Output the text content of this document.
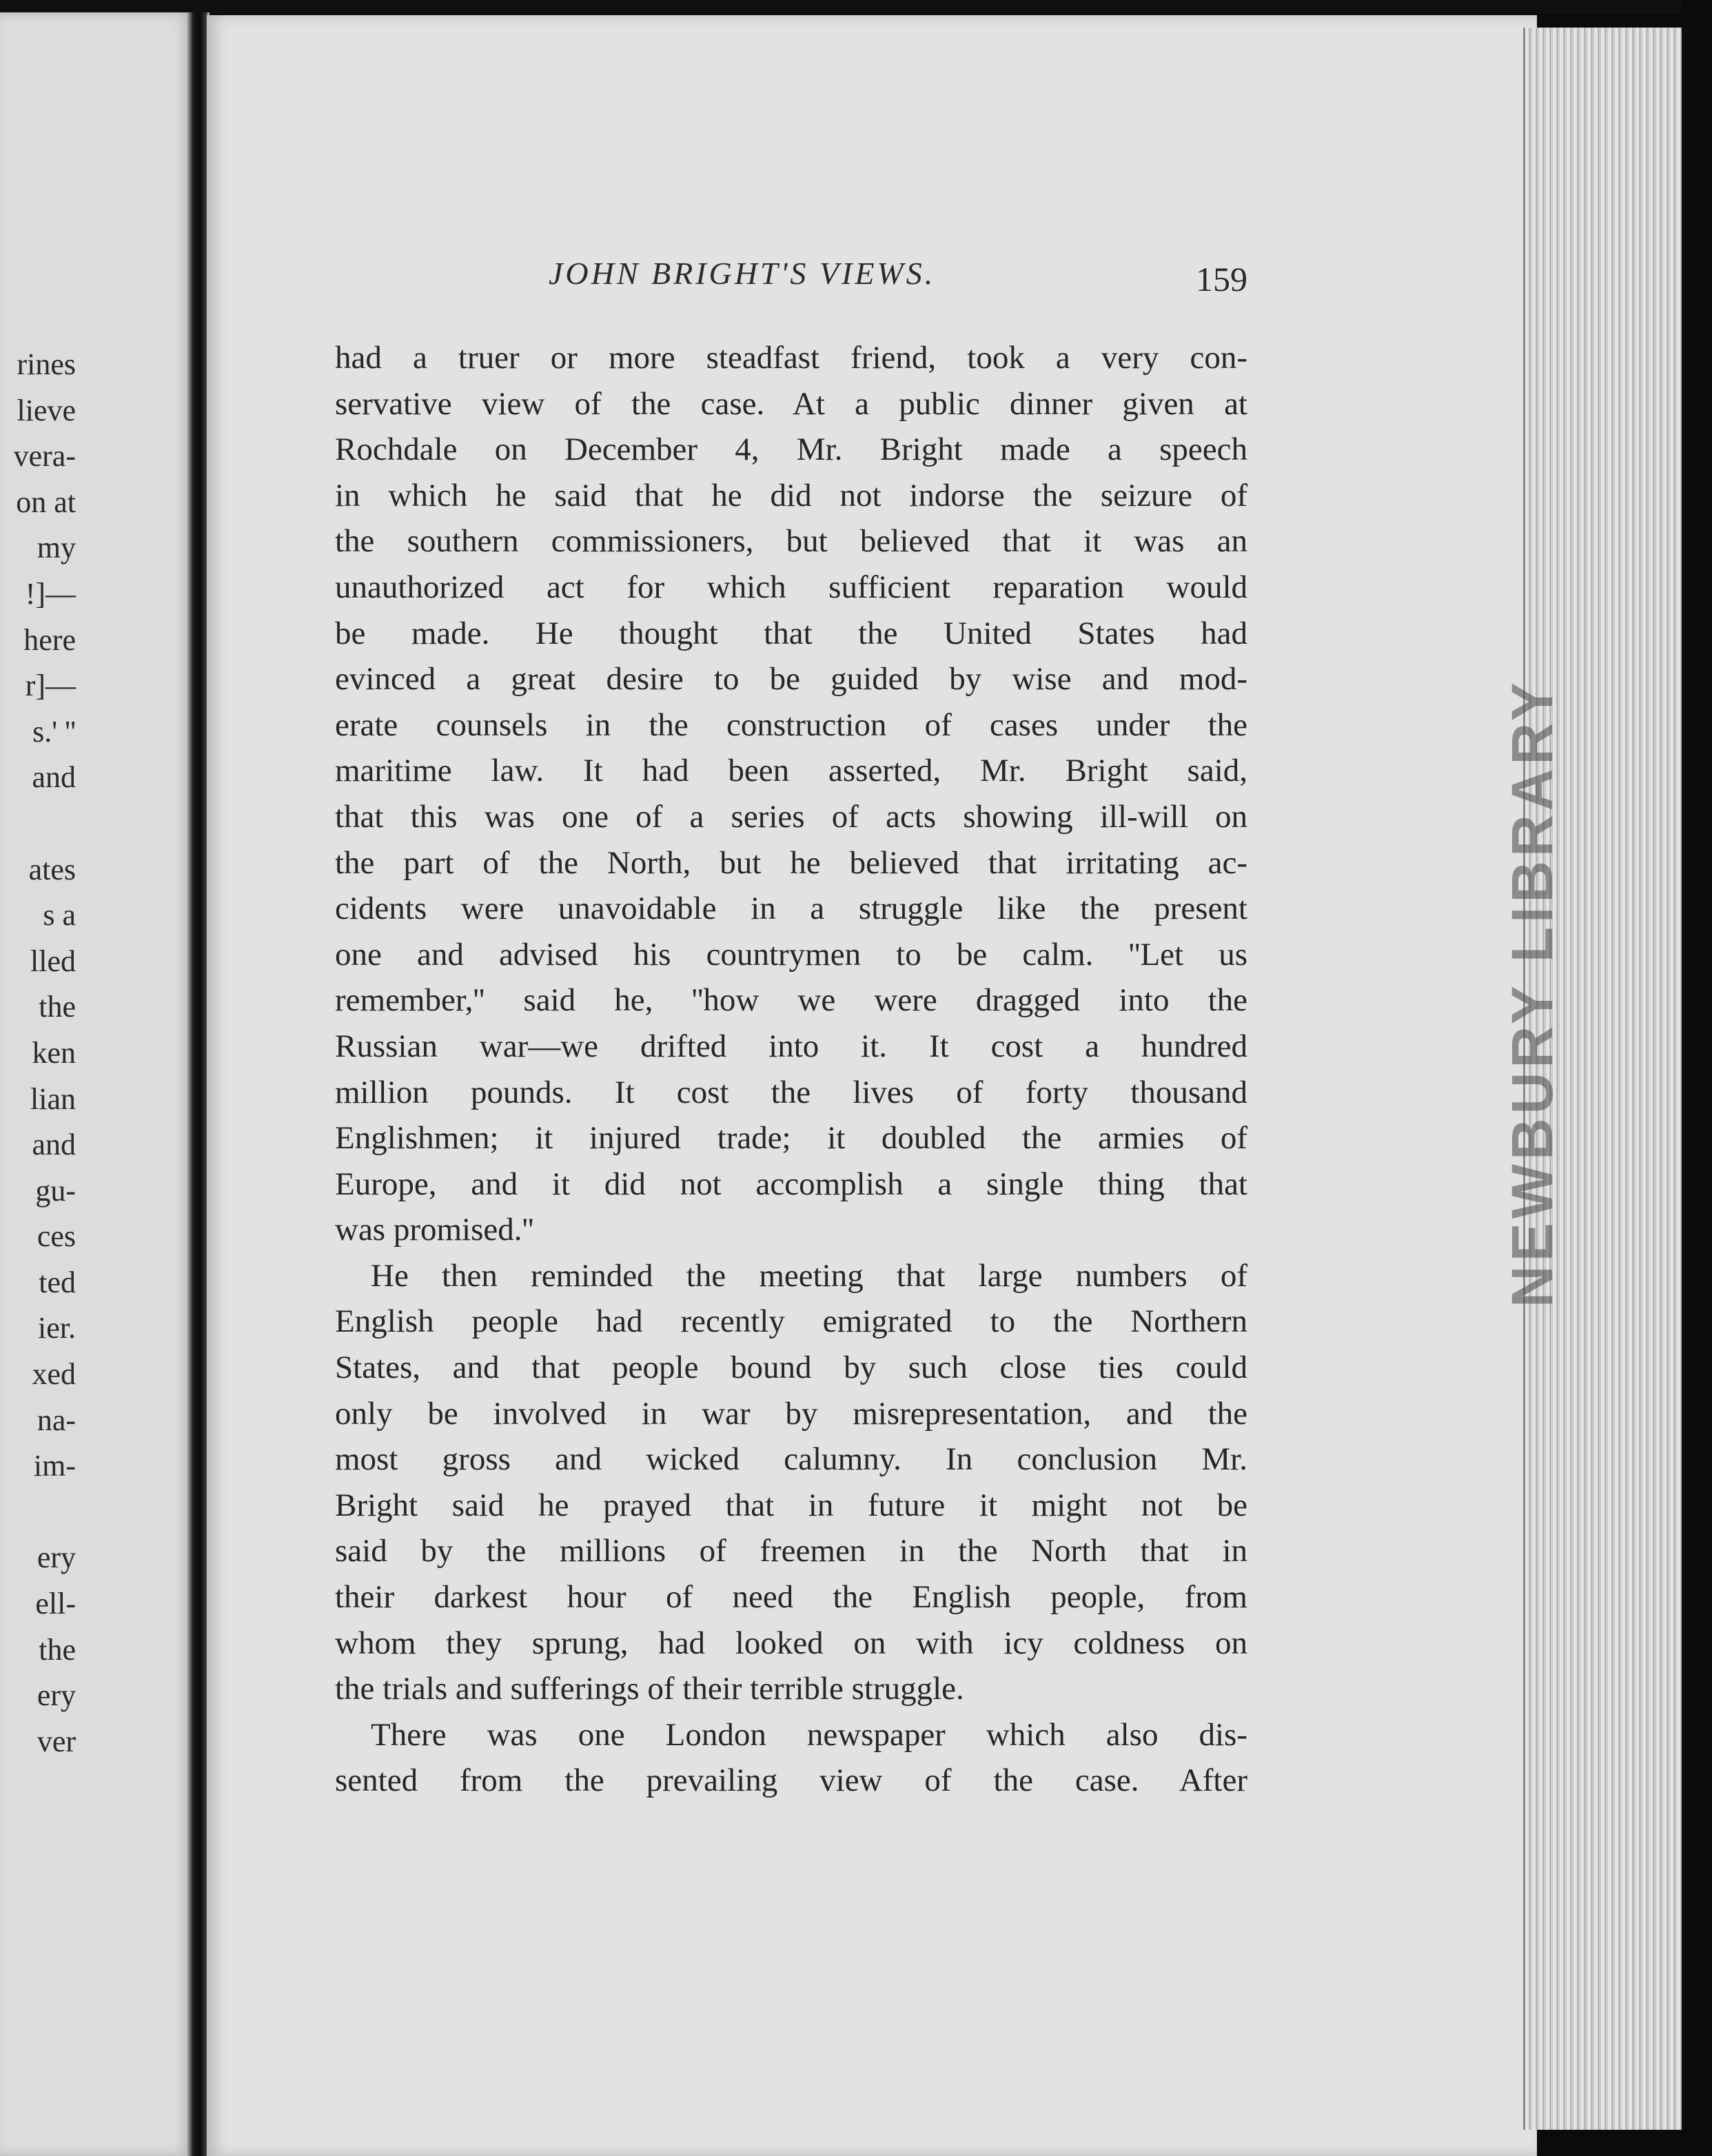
rines
lieve
vera-
on at
my
!]—
here
r]—
s.' ''
and
ates
s a
lled
the
ken
lian
and
gu-
ces
ted
ier.
xed
na-
im-
ery
ell-
the
ery
ver
NEWBURY LIBRARY
JOHN BRIGHT'S VIEWS.	159
had a truer or more steadfast friend, took a very con-
servative view of the case. At a public dinner given at
Rochdale on December 4, Mr. Bright made a speech
in which he said that he did not indorse the seizure of
the southern commissioners, but believed that it was an
unauthorized act for which sufficient reparation would
be made. He thought that the United States had
evinced a great desire to be guided by wise and mod-
erate counsels in the construction of cases under the
maritime law. It had been asserted, Mr. Bright said,
that this was one of a series of acts showing ill-will on
the part of the North, but he believed that irritating ac-
cidents were unavoidable in a struggle like the present
one and advised his countrymen to be calm. ''Let us
remember,'' said he, ''how we were dragged into the
Russian war—we drifted into it. It cost a hundred
million pounds. It cost the lives of forty thousand
Englishmen; it injured trade; it doubled the armies of
Europe, and it did not accomplish a single thing that
was promised.''
He then reminded the meeting that large numbers of
English people had recently emigrated to the Northern
States, and that people bound by such close ties could
only be involved in war by misrepresentation, and the
most gross and wicked calumny. In conclusion Mr.
Bright said he prayed that in future it might not be
said by the millions of freemen in the North that in
their darkest hour of need the English people, from
whom they sprung, had looked on with icy coldness on
the trials and sufferings of their terrible struggle.
There was one London newspaper which also dis-
sented from the prevailing view of the case. After
